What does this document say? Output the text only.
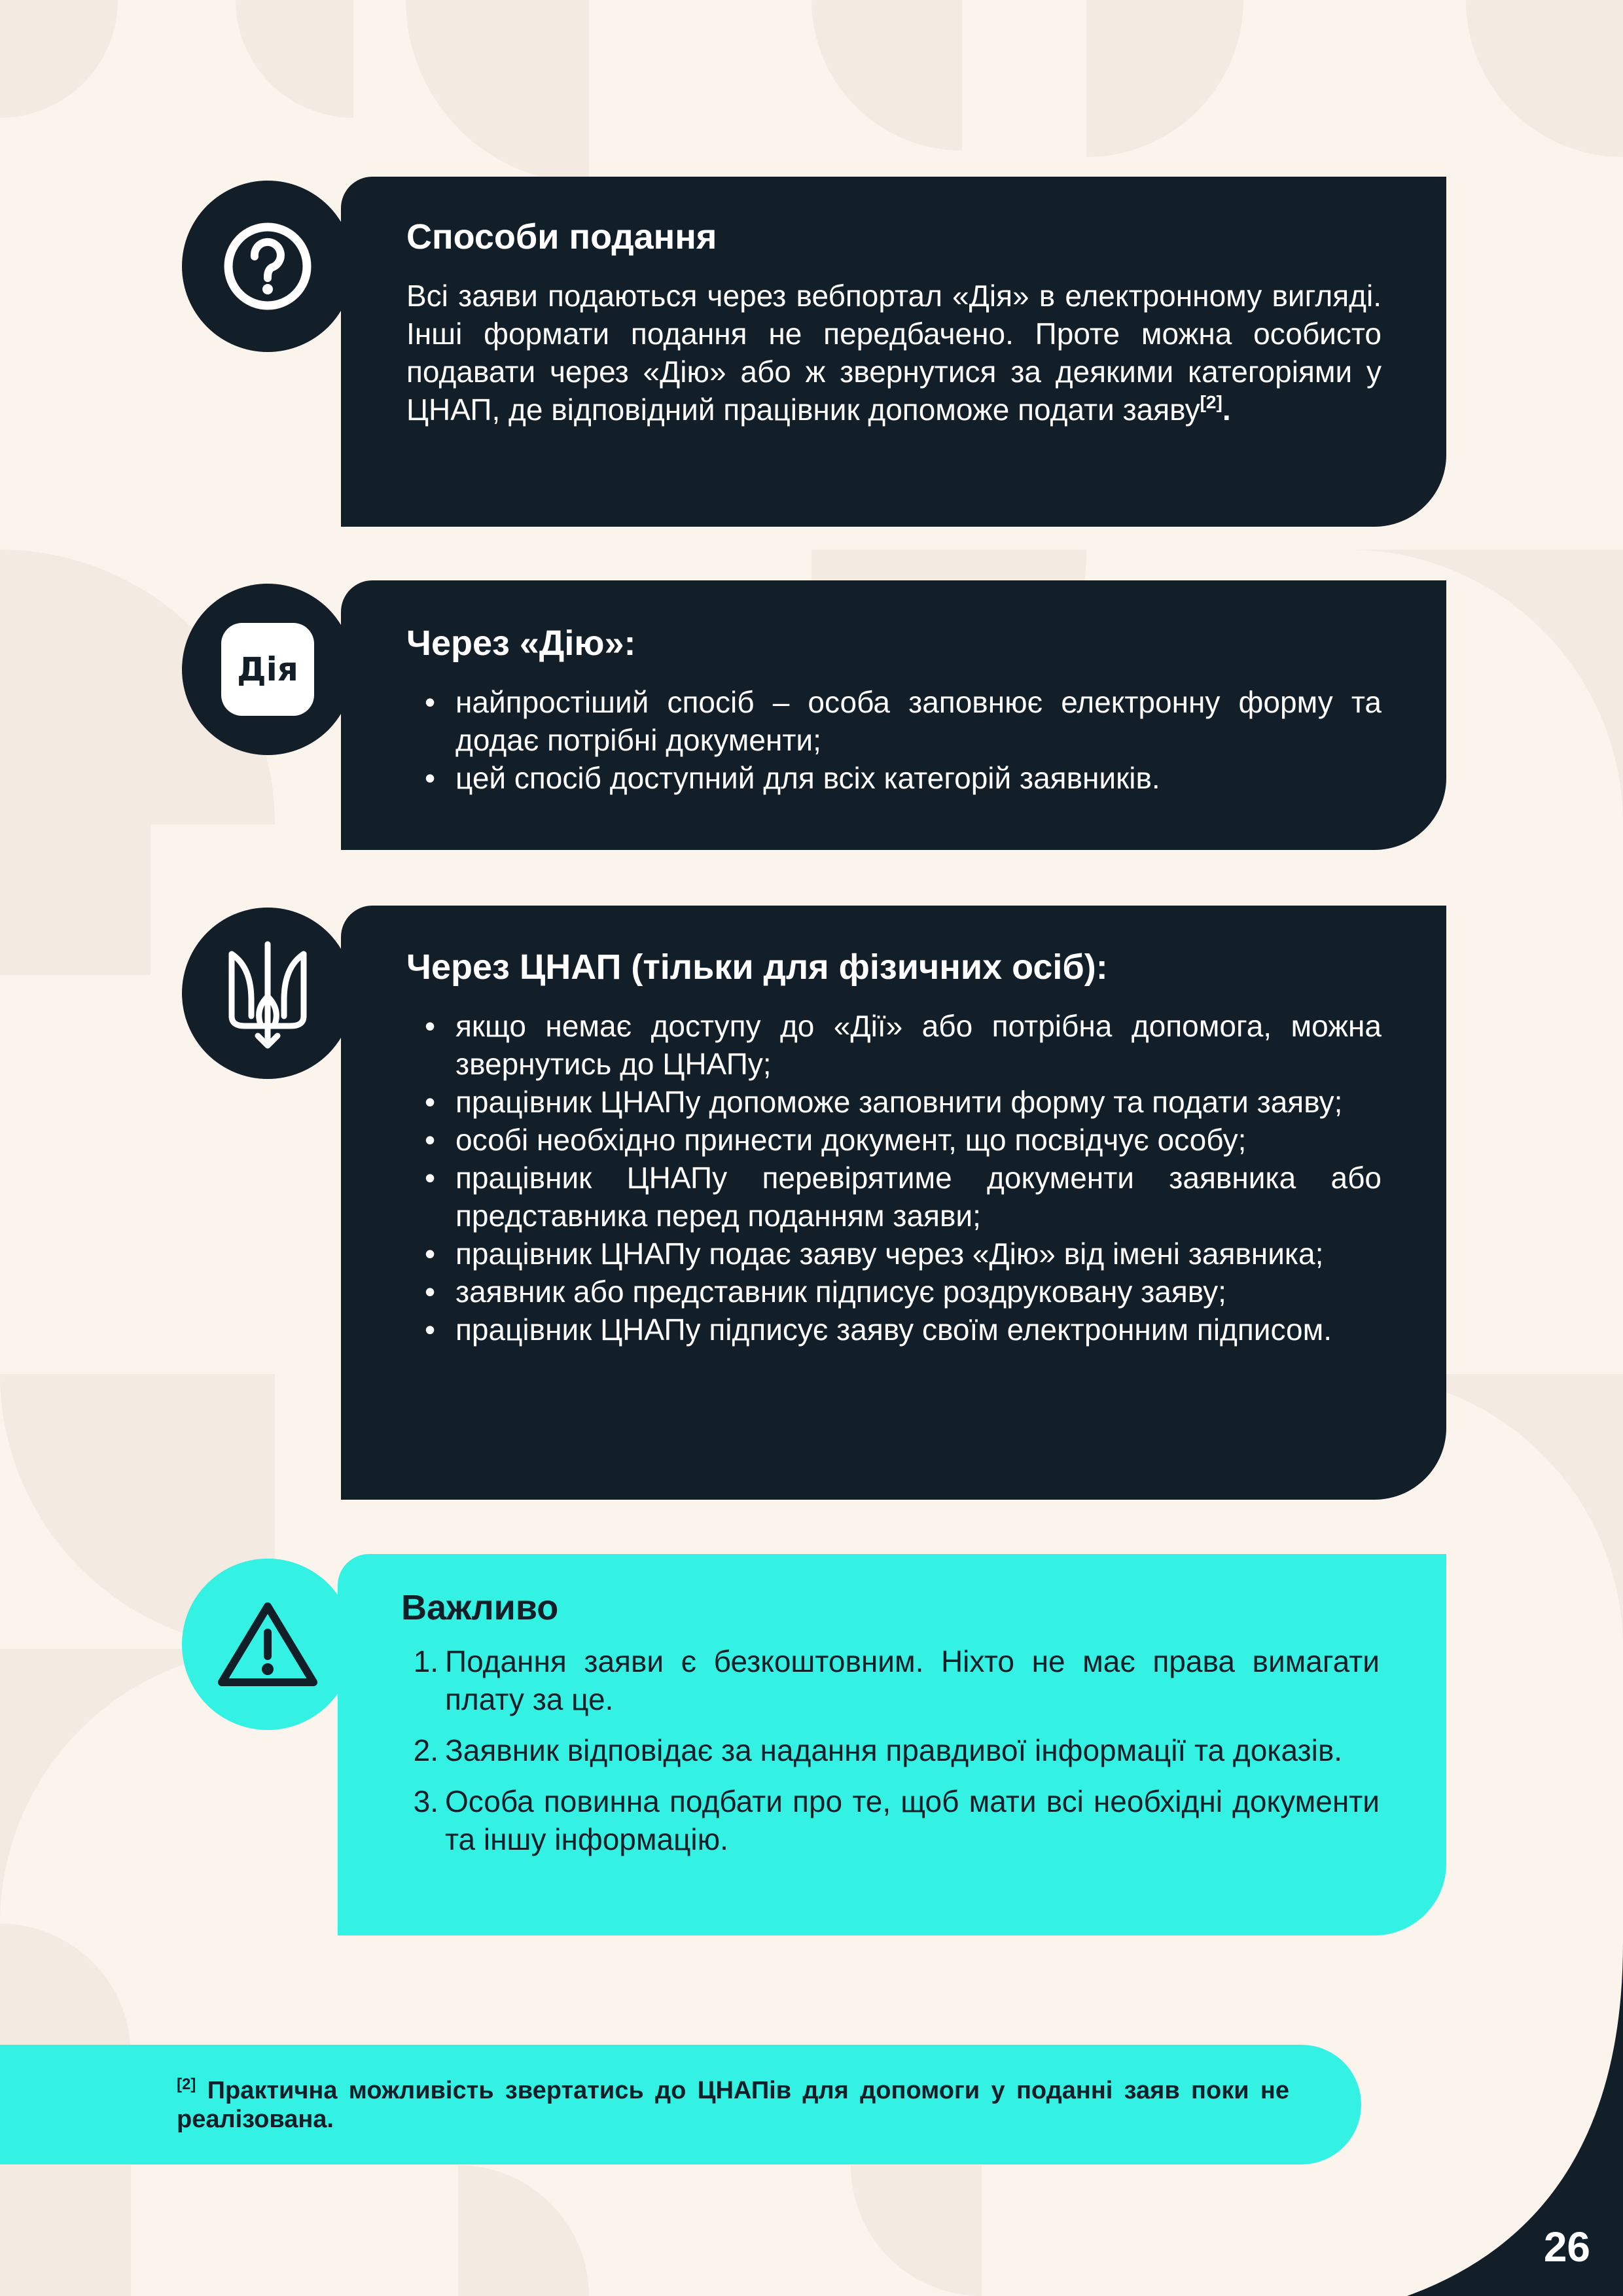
Способи подання

Всі заяви подаються через вебпортал «Дія» в електронному вигляді. Інші формати подання не передбачено. Проте можна особисто подавати через «Дію» або ж звернутися за деякими категоріями у ЦНАП, де відповідний працівник допоможе подати заяву[2].

Дія
Через «Дію»:
• найпростіший спосіб – особа заповнює електронну форму та додає потрібні документи;
• цей спосіб доступний для всіх категорій заявників.
Через ЦНАП (тільки для фізичних осіб):
• якщо немає доступу до «Дії» або потрібна допомога, можна звернутись до ЦНАПу;
• працівник ЦНАПу допоможе заповнити форму та подати заяву;
• особі необхідно принести документ, що посвідчує особу;
• працівник ЦНАПу перевірятиме документи заявника або представника перед поданням заяви;
• працівник ЦНАПу подає заяву через «Дію» від імені заявника;
• заявник або представник підписує роздруковану заяву;
• працівник ЦНАПу підписує заяву своїм електронним підписом.
Важливо
1. Подання заяви є безкоштовним. Ніхто не має права вимагати плату за це.
2. Заявник відповідає за надання правдивої інформації та доказів.
3. Особа повинна подбати про те, щоб мати всі необхідні документи та іншу інформацію.

[2] Практична можливість звертатись до ЦНАПів для допомоги у поданні заяв поки не реалізована.

26
